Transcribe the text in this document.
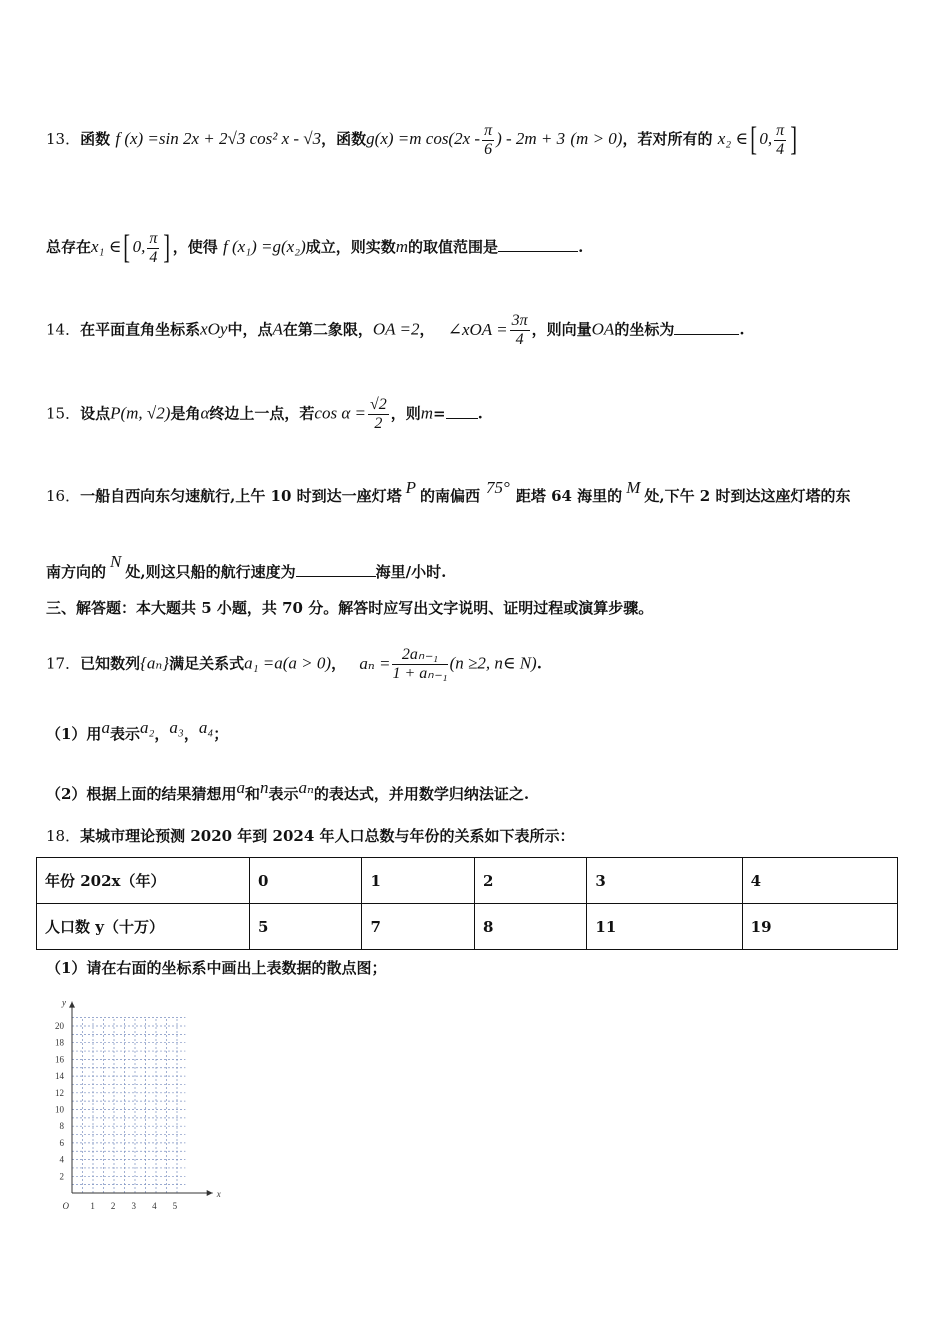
13．函数 f (x) =sin 2x + 2√3 cos² x - √3，函数g(x) =m $\cos(2x - \frac{\pi}{6}$ ) - 2m + 3 (m > 0)，若对所有的 x₂ ∈[ 0, $\frac{\pi}{4}$ ]
总存在x₁ ∈[ 0, $\frac{\pi}{4}$ ] ，使得 f (x₁) =g(x₂)成立，则实数m的取值范围是	.
14．在平面直角坐标系xOy中，点A在第二象限，OA =2， ∠xOA = $\frac{3\pi}{4}$ ，则向量OA的坐标为	.
15．设点P(m, √2)是角α终边上一点，若$\cos \alpha = \frac{√2}{2}$ ，则m= .
16．一船自西向东匀速航行,上午 10 时到达一座灯塔 P 的南偏西 75° 距塔 64 海里的 M 处,下午 2 时到达这座灯塔的东
南方向的N处,则这只船的航行速度为	海里/小时.
三、解答题：本大题共 5 小题，共 70 分。解答时应写出文字说明、证明过程或演算步骤。
17．已知数列{aₙ}满足关系式a₁ =a(a > 0)， $a_n = \frac{\text{2aₙ₋₁}}{\text{1 + aₙ₋₁}} (n \ge 2$, n∈ N).
（1）用a表示a₂，a₃，a₄；
（2）根据上面的结果猜想用a和n表示aₙ的表达式，并用数学归纳法证之.
18．某城市理论预测 2020 年到 2024 年人口总数与年份的关系如下表所示：
年份 202x（年）	0	1	2	3	4
人口数 y（十万）	5	7	8	11	19
（1）请在右面的坐标系中画出上表数据的散点图；
x
y
O 1 2 3 4 5
2
4
6
8
10
12
14
16
18
20
